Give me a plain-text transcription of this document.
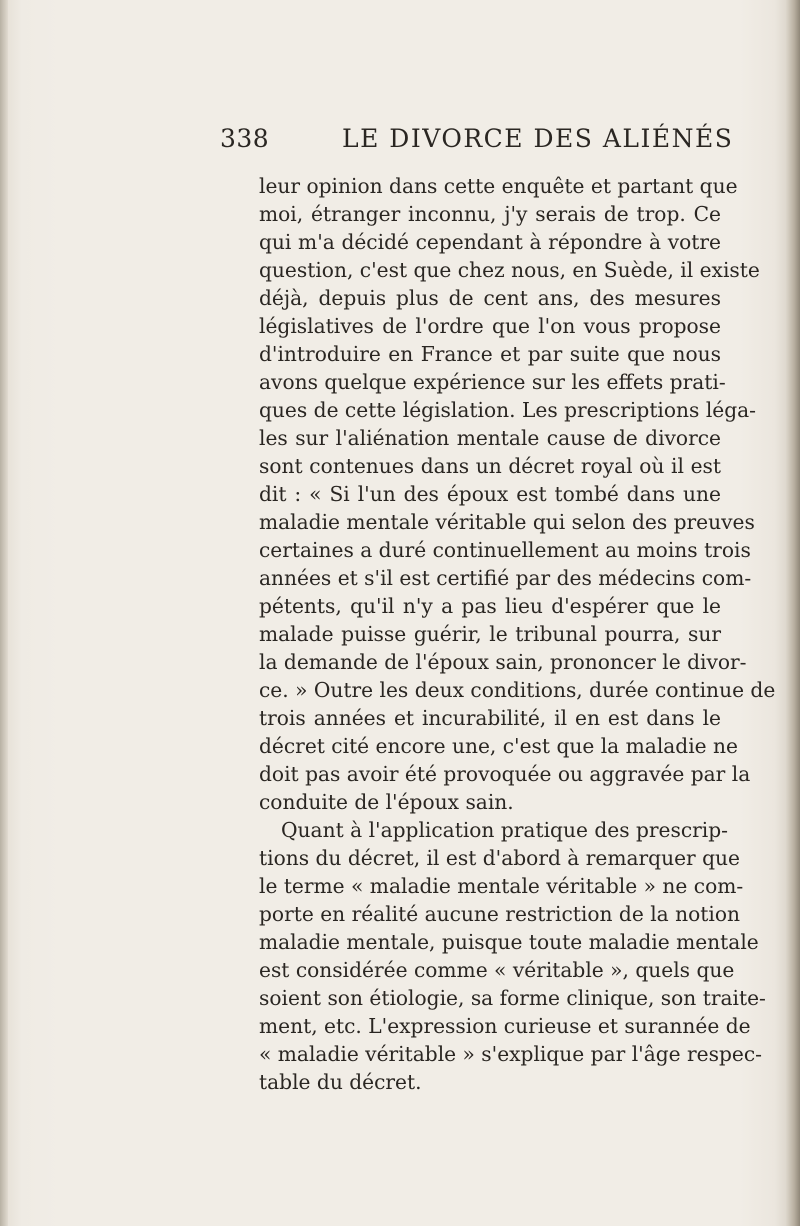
338	LE DIVORCE DES ALIÉNÉS
leur opinion dans cette enquête et partant que
moi, étranger inconnu, j'y serais de trop. Ce
qui m'a décidé cependant à répondre à votre
question, c'est que chez nous, en Suède, il existe
déjà, depuis plus de cent ans, des mesures
législatives de l'ordre que l'on vous propose
d'introduire en France et par suite que nous
avons quelque expérience sur les effets prati-
ques de cette législation. Les prescriptions léga-
les sur l'aliénation mentale cause de divorce
sont contenues dans un décret royal où il est
dit : « Si l'un des époux est tombé dans une
maladie mentale véritable qui selon des preuves
certaines a duré continuellement au moins trois
années et s'il est certifié par des médecins com-
pétents, qu'il n'y a pas lieu d'espérer que le
malade puisse guérir, le tribunal pourra, sur
la demande de l'époux sain, prononcer le divor-
ce. » Outre les deux conditions, durée continue de
trois années et incurabilité, il en est dans le
décret cité encore une, c'est que la maladie ne
doit pas avoir été provoquée ou aggravée par la
conduite de l'époux sain.
Quant à l'application pratique des prescrip-
tions du décret, il est d'abord à remarquer que
le terme « maladie mentale véritable » ne com-
porte en réalité aucune restriction de la notion
maladie mentale, puisque toute maladie mentale
est considérée comme « véritable », quels que
soient son étiologie, sa forme clinique, son traite-
ment, etc. L'expression curieuse et surannée de
« maladie véritable » s'explique par l'âge respec-
table du décret.
